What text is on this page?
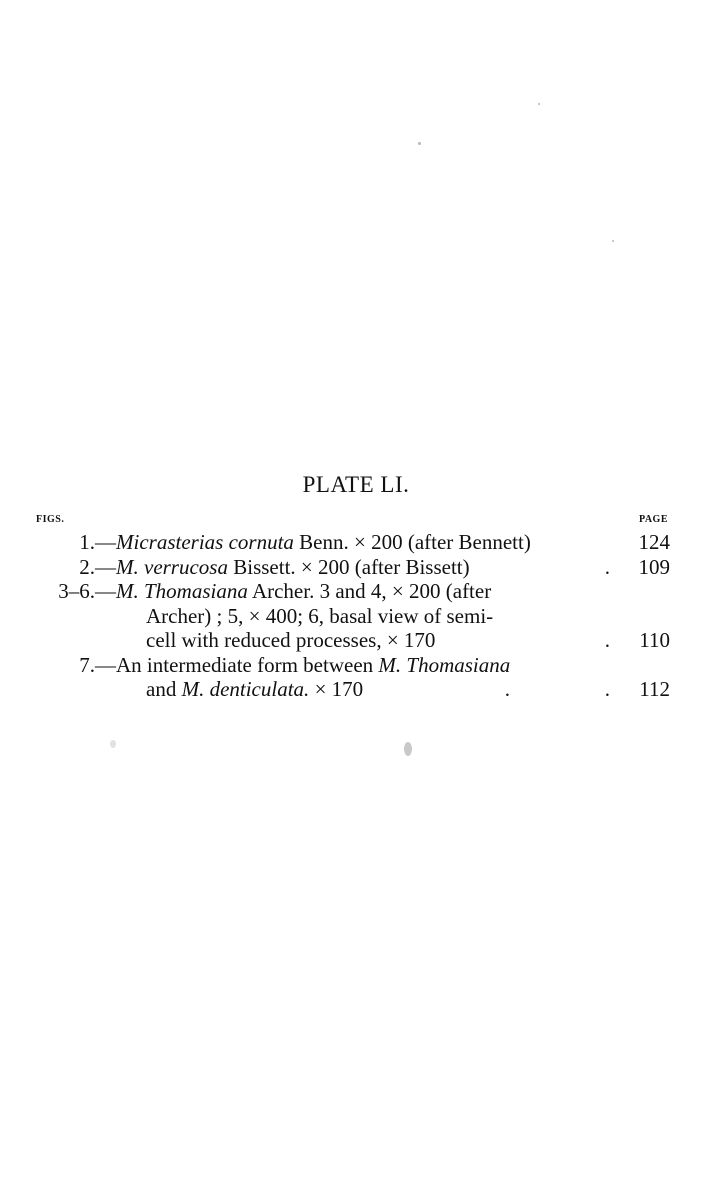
PLATE LI.
FIGS.	PAGE
1.— Micrasterias cornuta Benn. × 200 (after Bennett)	124
2.— M. verrucosa Bissett. × 200 (after Bissett)	109
.
3–6.— M. Thomasiana Archer. 3 and 4, × 200 (after
Archer) ; 5, × 400; 6, basal view of semi-
cell with reduced processes, × 170	110
.
7.— An intermediate form between M. Thomasiana
and M. denticulata. × 170	112
.
.
